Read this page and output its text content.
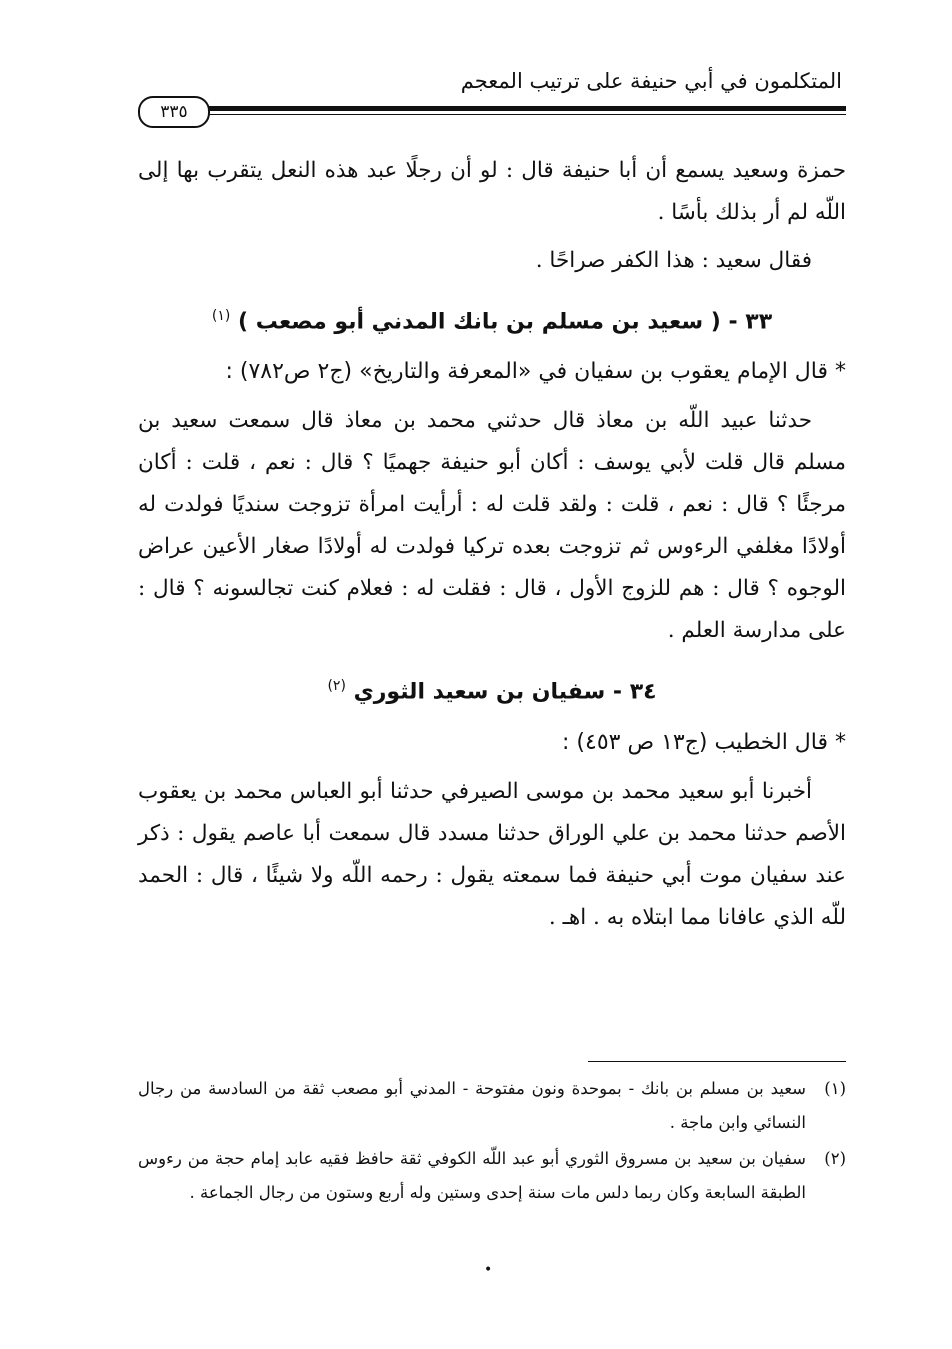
المتكلمون في أبي حنيفة على ترتيب المعجم
٣٣٥

حمزة وسعيد يسمع أن أبا حنيفة قال : لو أن رجلًا عبد هذه النعل يتقرب بها إلى اللّه لم أر بذلك بأسًا .

فقال سعيد : هذا الكفر صراحًا .

٣٣ - ( سعيد بن مسلم بن بانك المدني أبو مصعب ) $^{(١)}$
* قال الإمام يعقوب بن سفيان في «المعرفة والتاريخ» (ج٢ ص٧٨٢) :

حدثنا عبيد اللّه بن معاذ قال حدثني محمد بن معاذ قال سمعت سعيد بن مسلم قال قلت لأبي يوسف : أكان أبو حنيفة جهميًا ؟ قال : نعم ، قلت : أكان مرجئًا ؟ قال : نعم ، قلت : ولقد قلت له : أرأيت امرأة تزوجت سنديًا فولدت له أولادًا مغلفي الرءوس ثم تزوجت بعده تركيا فولدت له أولادًا صغار الأعين عراض الوجوه ؟ قال : هم للزوج الأول ، قال : فقلت له : فعلام كنت تجالسونه ؟ قال : على مدارسة العلم .

٣٤ - سفيان بن سعيد الثوري $^{(٢)}$
* قال الخطيب (ج١٣ ص ٤٥٣) :

أخبرنا أبو سعيد محمد بن موسى الصيرفي حدثنا أبو العباس محمد بن يعقوب الأصم حدثنا محمد بن علي الوراق حدثنا مسدد قال سمعت أبا عاصم يقول : ذكر عند سفيان موت أبي حنيفة فما سمعته يقول : رحمه اللّه ولا شيئًا ، قال : الحمد للّه الذي عافانا مما ابتلاه به . اهـ .

(١)
سعيد بن مسلم بن بانك - بموحدة ونون مفتوحة - المدني أبو مصعب ثقة من السادسة من رجال النسائي وابن ماجة .

(٢)
سفيان بن سعيد بن مسروق الثوري أبو عبد اللّه الكوفي ثقة حافظ فقيه عابد إمام حجة من رءوس الطبقة السابعة وكان ربما دلس مات سنة إحدى وستين وله أربع وستون من رجال الجماعة .

•
